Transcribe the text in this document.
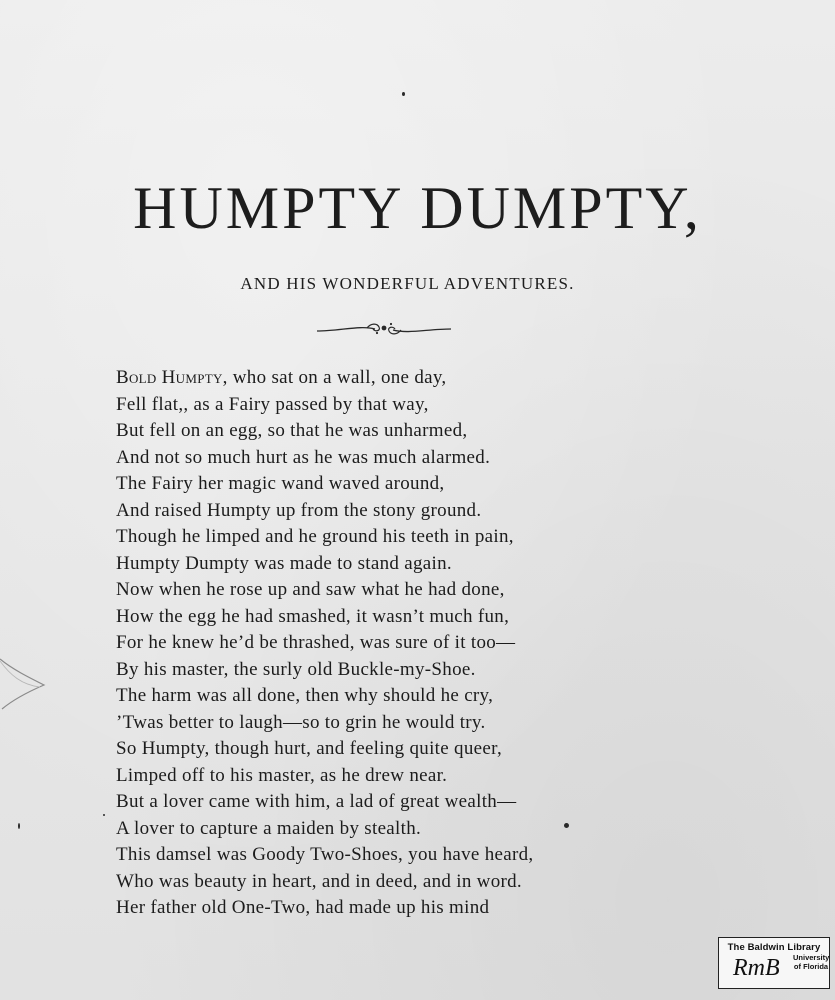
HUMPTY DUMPTY,
AND HIS WONDERFUL ADVENTURES.
Bold Humpty, who sat on a wall, one day,
Fell flat,, as a Fairy passed by that way,
But fell on an egg, so that he was unharmed,
And not so much hurt as he was much alarmed.
The Fairy her magic wand waved around,
And raised Humpty up from the stony ground.
Though he limped and he ground his teeth in pain,
Humpty Dumpty was made to stand again.
Now when he rose up and saw what he had done,
How the egg he had smashed, it wasn’t much fun,
For he knew he’d be thrashed, was sure of it too—
By his master, the surly old Buckle-my-Shoe.
The harm was all done, then why should he cry,
’Twas better to laugh—so to grin he would try.
So Humpty, though hurt, and feeling quite queer,
Limped off to his master, as he drew near.
But a lover came with him, a lad of great wealth—
A lover to capture a maiden by stealth.
This damsel was Goody Two-Shoes, you have heard,
Who was beauty in heart, and in deed, and in word.
Her father old One-Two, had made up his mind
The Baldwin Library
RmB University of Florida
